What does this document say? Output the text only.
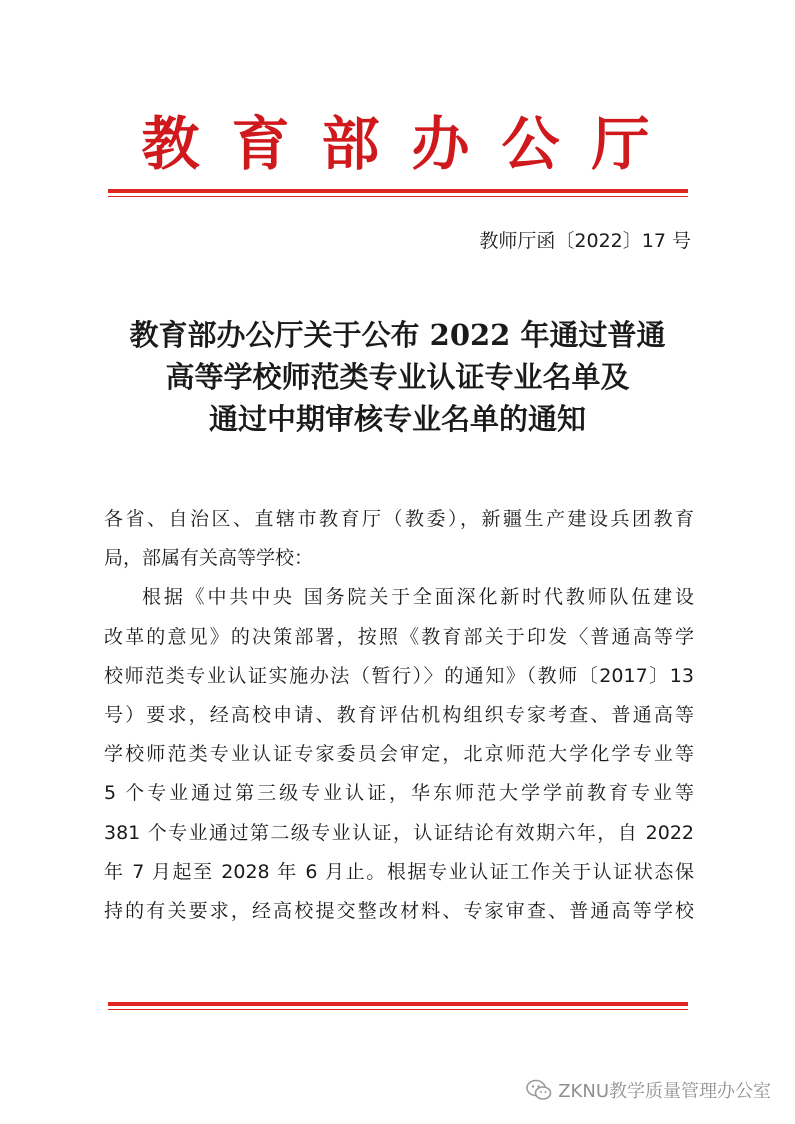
教育部办公厅
教师厅函〔2022〕17 号
教育部办公厅关于公布 2022 年通过普通
高等学校师范类专业认证专业名单及
通过中期审核专业名单的通知
各省、自治区、直辖市教育厅（教委），新疆生产建设兵团教育
局，部属有关高等学校：
根据《中共中央 国务院关于全面深化新时代教师队伍建设
改革的意见》的决策部署，按照《教育部关于印发〈普通高等学
校师范类专业认证实施办法（暂行）〉的通知》（教师〔2017〕13
号）要求，经高校申请、教育评估机构组织专家考查、普通高等
学校师范类专业认证专家委员会审定，北京师范大学化学专业等
5 个专业通过第三级专业认证，华东师范大学学前教育专业等
381 个专业通过第二级专业认证，认证结论有效期六年，自 2022
年 7 月起至 2028 年 6 月止。根据专业认证工作关于认证状态保
持的有关要求，经高校提交整改材料、专家审查、普通高等学校
ZKNU教学质量管理办公室
